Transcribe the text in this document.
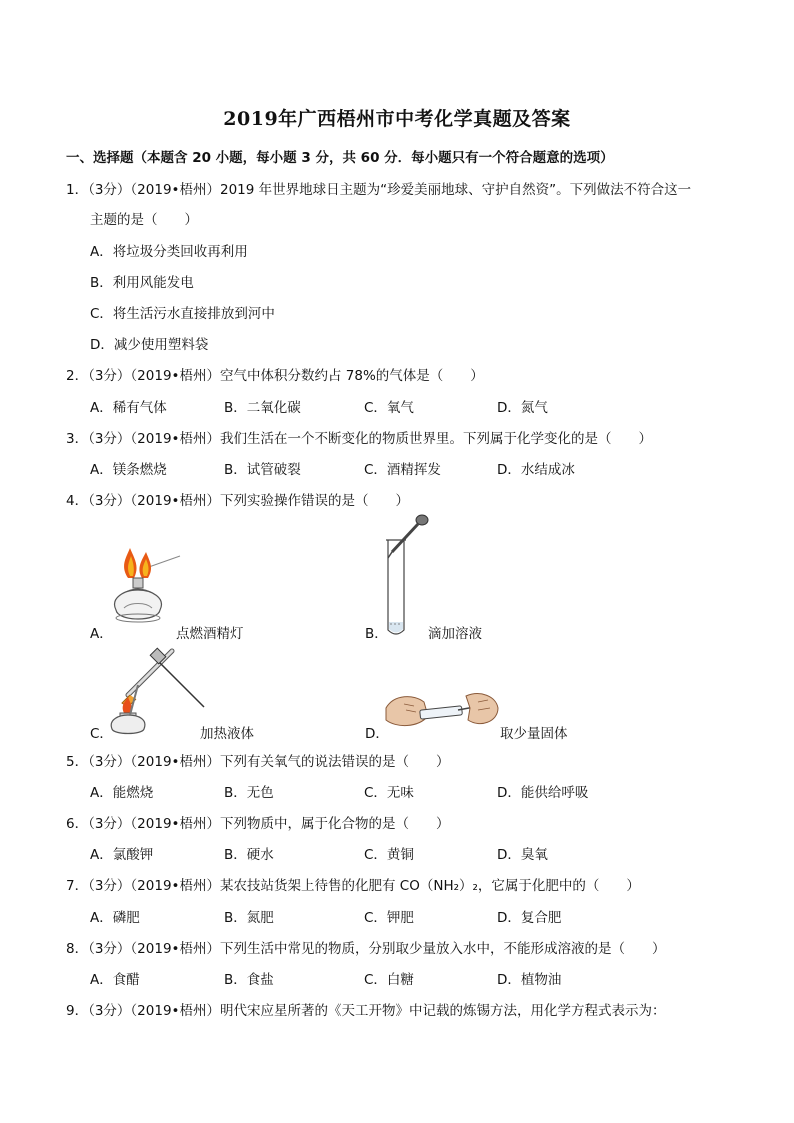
2019年广西梧州市中考化学真题及答案
一、选择题（本题含 20 小题，每小题 3 分，共 60 分．每小题只有一个符合题意的选项）
1．（3分）（2019•梧州）2019 年世界地球日主题为“珍爱美丽地球、守护自然资”。下列做法不符合这一
主题的是（　　）
A．将垃圾分类回收再利用
B．利用风能发电
C．将生活污水直接排放到河中
D．减少使用塑料袋
2．（3分）（2019•梧州）空气中体积分数约占 78%的气体是（　　）
A．稀有气体	B．二氧化碳	C．氧气	D．氮气
3．（3分）（2019•梧州）我们生活在一个不断变化的物质世界里。下列属于化学变化的是（　　）
A．镁条燃烧	B．试管破裂	C．酒精挥发	D．水结成冰
4．（3分）（2019•梧州）下列实验操作错误的是（　　）
A．	点燃酒精灯	B．	滴加溶液
C．	加热液体	D．	取少量固体
5．（3分）（2019•梧州）下列有关氧气的说法错误的是（　　）
A．能燃烧	B．无色	C．无味	D．能供给呼吸
6．（3分）（2019•梧州）下列物质中，属于化合物的是（　　）
A．氯酸钾	B．硬水	C．黄铜	D．臭氧
7．（3分）（2019•梧州）某农技站货架上待售的化肥有 CO（NH₂）₂，它属于化肥中的（　　）
A．磷肥	B．氮肥	C．钾肥	D．复合肥
8．（3分）（2019•梧州）下列生活中常见的物质，分别取少量放入水中，不能形成溶液的是（　　）
A．食醋	B．食盐	C．白糖	D．植物油
9．（3分）（2019•梧州）明代宋应星所著的《天工开物》中记载的炼锡方法，用化学方程式表示为：
